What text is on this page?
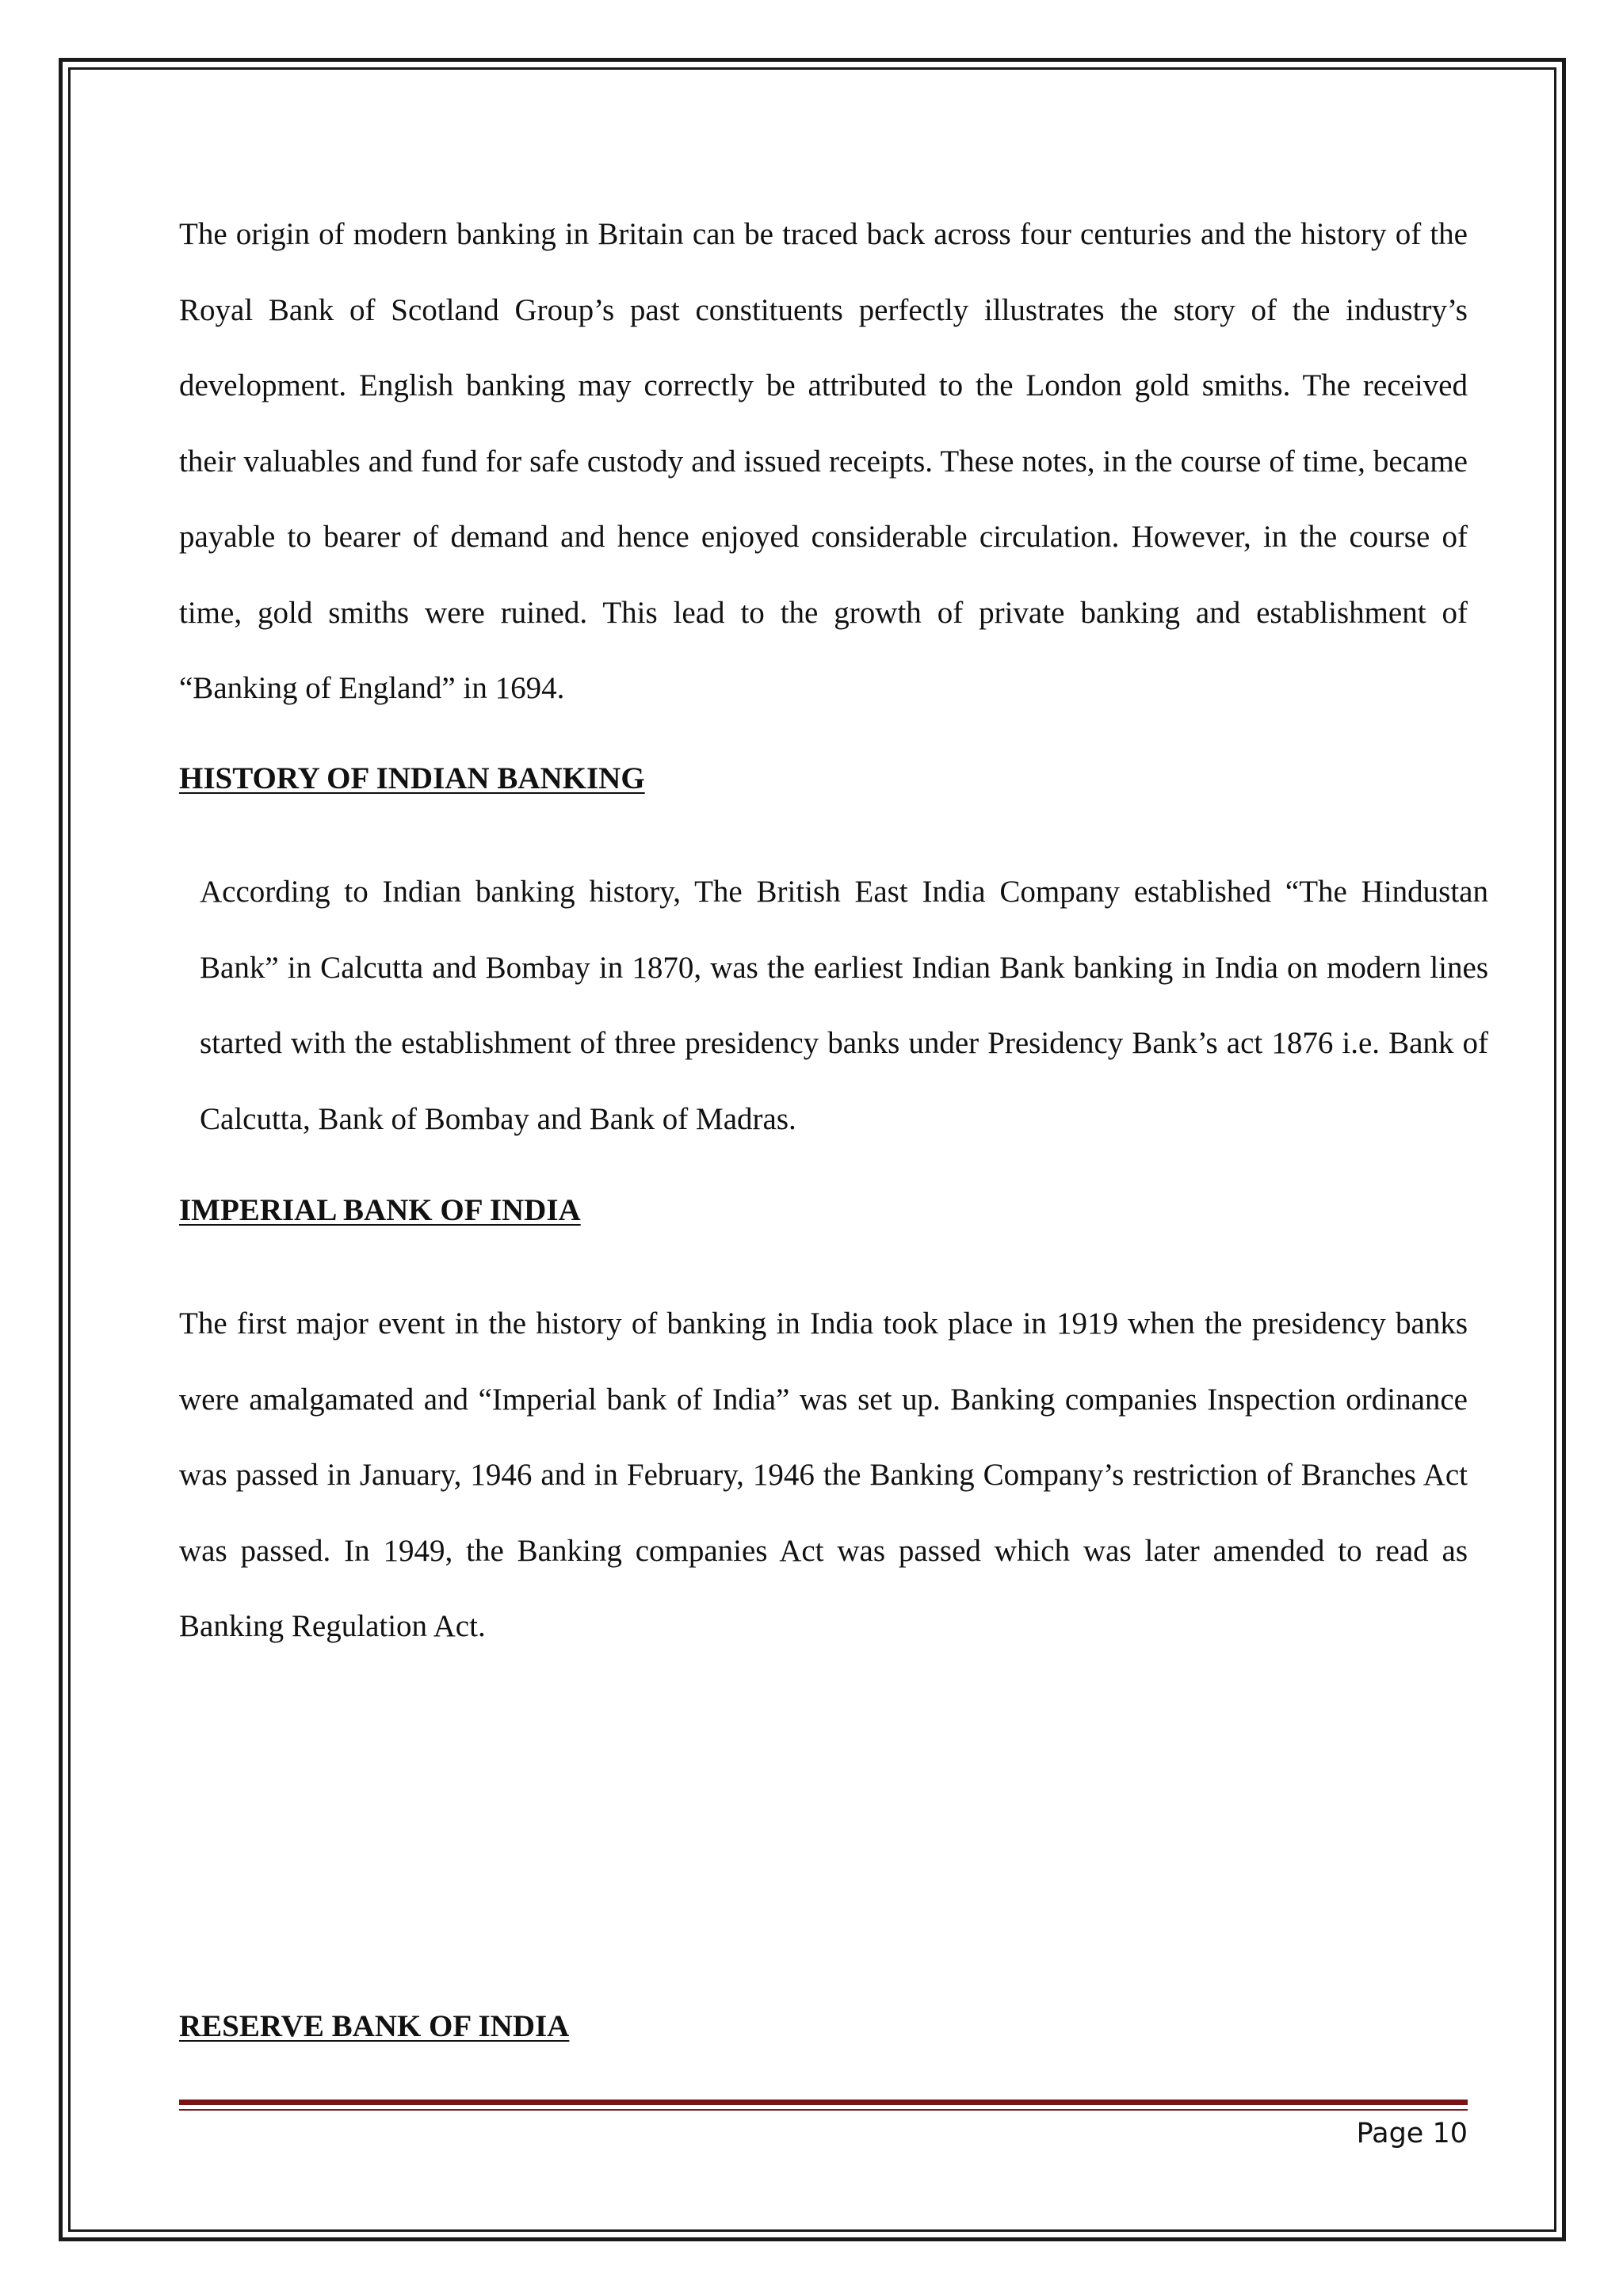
The origin of modern banking in Britain can be traced back across four centuries and the history of the Royal Bank of Scotland Group’s past constituents perfectly illustrates the story of the industry’s development. English banking may correctly be attributed to the London gold smiths. The received their valuables and fund for safe custody and issued receipts. These notes, in the course of time, became payable to bearer of demand and hence enjoyed considerable circulation. However, in the course of time, gold smiths were ruined. This lead to the growth of private banking and establishment of “Banking of England” in 1694.

HISTORY OF INDIAN BANKING

According to Indian banking history, The British East India Company established “The Hindustan Bank” in Calcutta and Bombay in 1870, was the earliest Indian Bank banking in India on modern lines started with the establishment of three presidency banks under Presidency Bank’s act 1876 i.e. Bank of Calcutta, Bank of Bombay and Bank of Madras.

IMPERIAL BANK OF INDIA

The first major event in the history of banking in India took place in 1919 when the presidency banks were amalgamated and “Imperial bank of India” was set up. Banking companies Inspection ordinance was passed in January, 1946 and in February, 1946 the Banking Company’s restriction of Branches Act was passed. In 1949, the Banking companies Act was passed which was later amended to read as Banking Regulation Act.

RESERVE BANK OF INDIA

Page 10
